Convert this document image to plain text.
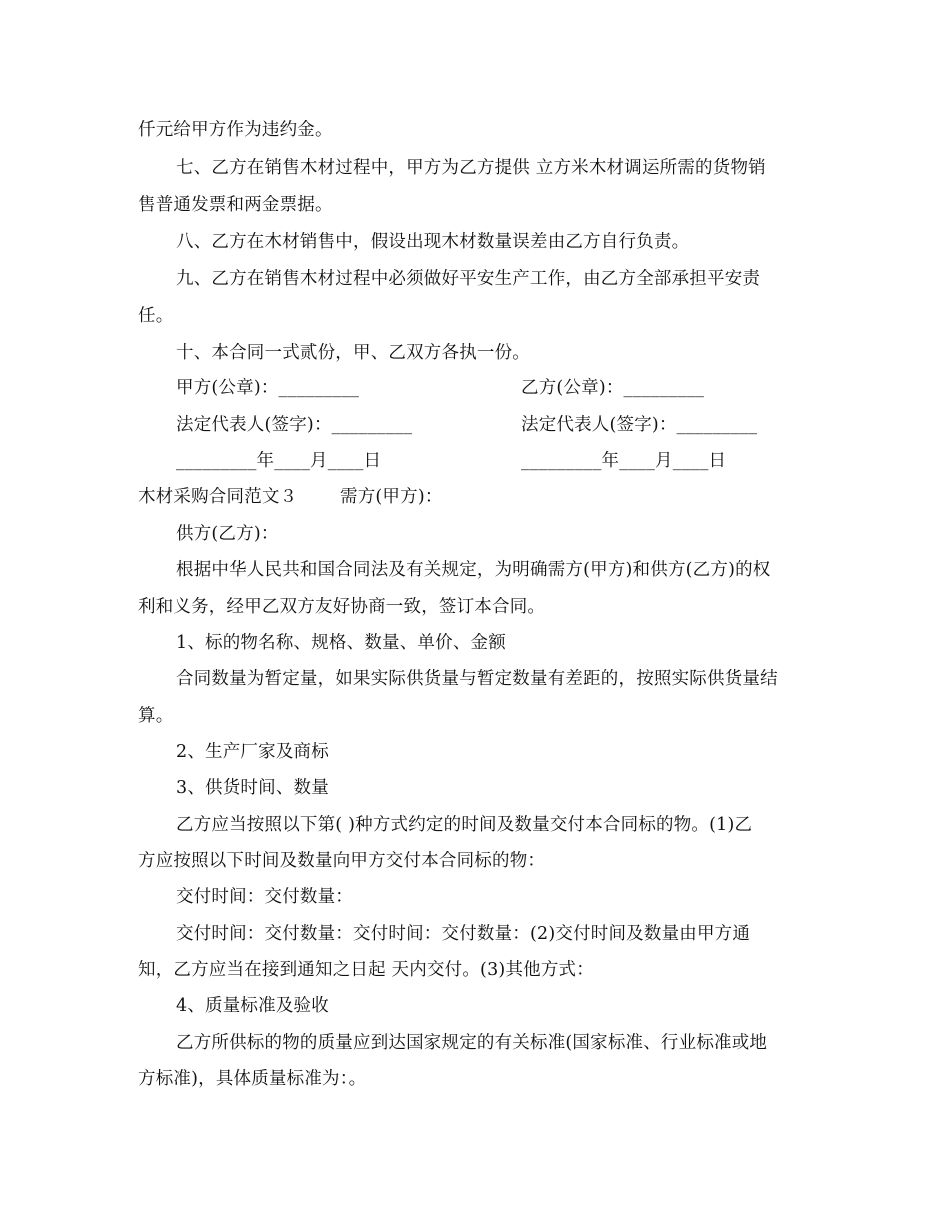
仟元给甲方作为违约金。
七、乙方在销售木材过程中，甲方为乙方提供 立方米木材调运所需的货物销
售普通发票和两金票据。
八、乙方在木材销售中，假设出现木材数量误差由乙方自行负责。
九、乙方在销售木材过程中必须做好平安生产工作，由乙方全部承担平安责
任。
十、本合同一式贰份，甲、乙双方各执一份。
甲方(公章)：_________	乙方(公章)：_________
法定代表人(签字)：_________	法定代表人(签字)：_________
_________年____月____日	_________年____月____日
木材采购合同范文３ 需方(甲方)：
供方(乙方)：
根据中华人民共和国合同法及有关规定，为明确需方(甲方)和供方(乙方)的权
利和义务，经甲乙双方友好协商一致，签订本合同。
1、标的物名称、规格、数量、单价、金额
合同数量为暂定量，如果实际供货量与暂定数量有差距的，按照实际供货量结
算。
2、生产厂家及商标
3、供货时间、数量
乙方应当按照以下第( )种方式约定的时间及数量交付本合同标的物。(1)乙
方应按照以下时间及数量向甲方交付本合同标的物：
交付时间：交付数量：
交付时间：交付数量：交付时间：交付数量：(2)交付时间及数量由甲方通
知，乙方应当在接到通知之日起 天内交付。(3)其他方式：
4、质量标准及验收
乙方所供标的物的质量应到达国家规定的有关标准(国家标准、行业标准或地
方标准)，具体质量标准为：。
